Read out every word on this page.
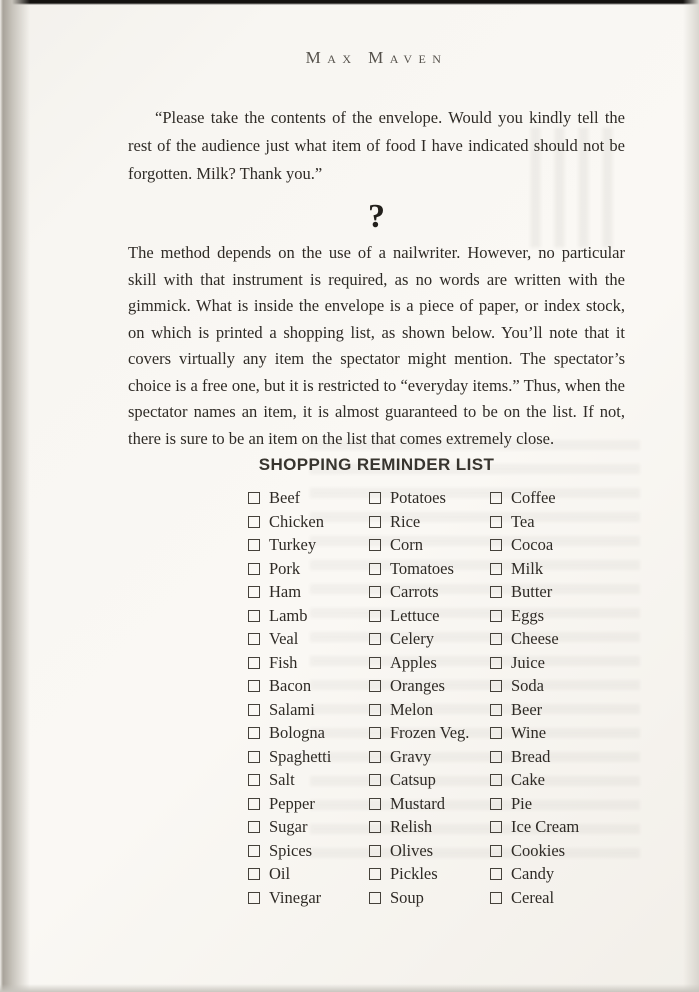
Max Maven

“Please take the contents of the envelope. Would you kindly tell the rest of the audience just what item of food I have indicated should not be forgotten. Milk? Thank you.”

?

The method depends on the use of a nailwriter. However, no particular skill with that instrument is required, as no words are written with the gimmick. What is inside the envelope is a piece of paper, or index stock, on which is printed a shopping list, as shown below. You’ll note that it covers virtually any item the spectator might mention. The spectator’s choice is a free one, but it is restricted to “everyday items.” Thus, when the spectator names an item, it is almost guaranteed to be on the list. If not, there is sure to be an item on the list that comes extremely close.

SHOPPING REMINDER LIST
Beef
Chicken
Turkey
Pork
Ham
Lamb
Veal
Fish
Bacon
Salami
Bologna
Spaghetti
Salt
Pepper
Sugar
Spices
Oil
Vinegar
Potatoes
Rice
Corn
Tomatoes
Carrots
Lettuce
Celery
Apples
Oranges
Melon
Frozen Veg.
Gravy
Catsup
Mustard
Relish
Olives
Pickles
Soup
Coffee
Tea
Cocoa
Milk
Butter
Eggs
Cheese
Juice
Soda
Beer
Wine
Bread
Cake
Pie
Ice Cream
Cookies
Candy
Cereal
